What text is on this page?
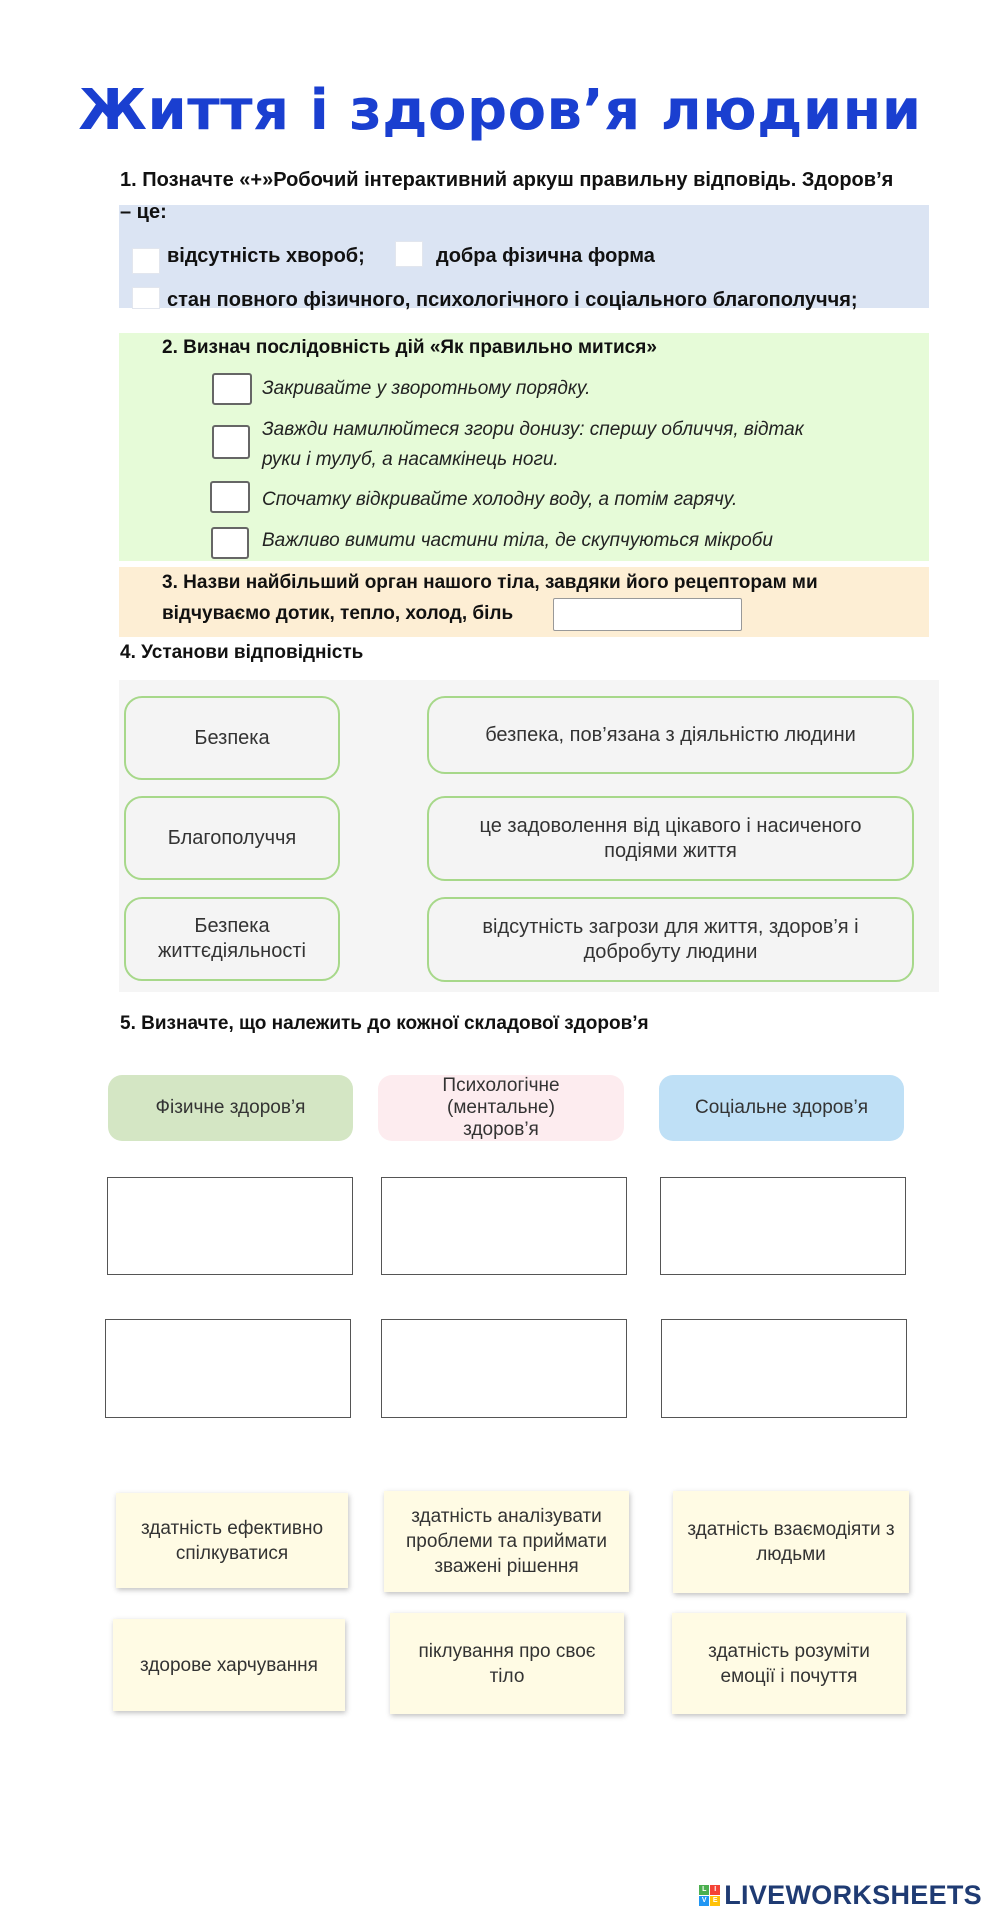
Життя і здоров’я людини
1. Позначте «+»Робочий інтерактивний аркуш правильну відповідь. Здоров’я
– це:
відсутність хвороб;	добра фізична форма
стан повного фізичного, психологічного і соціального благополуччя;
2. Визнач послідовність дій «Як правильно митися»
Закривайте у зворотньому порядку.
Завжди намилюйтеся згори донизу: спершу обличчя, відтак
руки і тулуб, а насамкінець ноги.
Спочатку відкривайте холодну воду, а потім гарячу.
Важливо вимити частини тіла, де скупчуються мікроби
3. Назви найбільший орган нашого тіла, завдяки його рецепторам ми
відчуваємо дотик, тепло, холод, біль
4. Установи відповідність
Безпека
Благополуччя
Безпека життєдіяльності
безпека, пов’язана з діяльністю людини
це задоволення від цікавого і насиченого подіями життя
відсутність загрози для життя, здоров’я і добробуту людини
5. Визначте, що належить до кожної складової здоров’я
Фізичне здоров’я
Психологічне (ментальне) здоров’я
Соціальне здоров’я
здатність ефективно спілкуватися
здатність аналізувати проблеми та приймати зважені рішення
здатність взаємодіяти з людьми
здорове харчування
піклування про своє тіло
здатність розуміти емоції і почуття
L	I
V E LIVEWORKSHEETS
